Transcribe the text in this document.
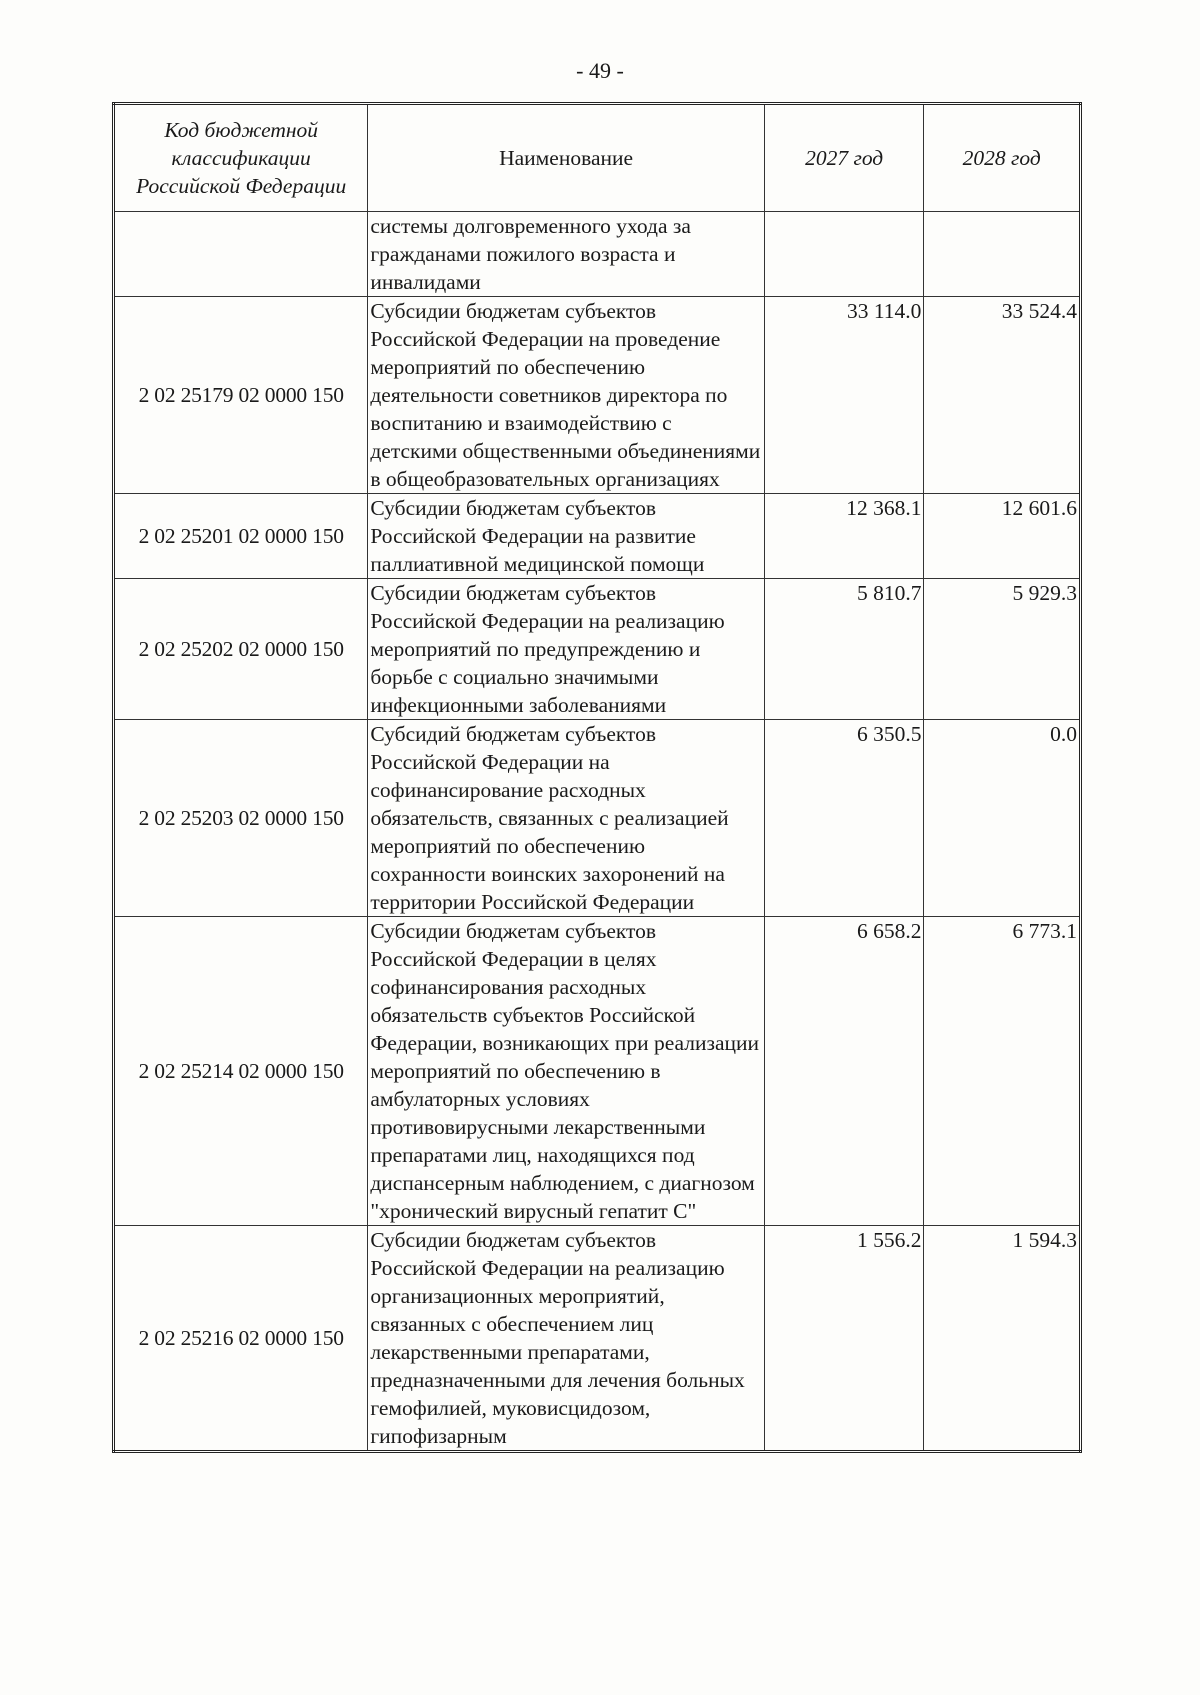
- 49 -
Код бюджетной классификации Российской Федерации	Наименование	2027 год	2028 год
	системы долговременного ухода за гражданами пожилого возраста и инвалидами		
2 02 25179 02 0000 150	Субсидии бюджетам субъектов Российской Федерации на проведение мероприятий по обеспечению деятельности советников директора по воспитанию и взаимодействию с детскими общественными объединениями в общеобразовательных организациях	33 114.0	33 524.4
2 02 25201 02 0000 150	Субсидии бюджетам субъектов Российской Федерации на развитие паллиативной медицинской помощи	12 368.1	12 601.6
2 02 25202 02 0000 150	Субсидии бюджетам субъектов Российской Федерации на реализацию мероприятий по предупреждению и борьбе с социально значимыми инфекционными заболеваниями	5 810.7	5 929.3
2 02 25203 02 0000 150	Субсидий бюджетам субъектов Российской Федерации на софинансирование расходных обязательств, связанных с реализацией мероприятий по обеспечению сохранности воинских захоронений на территории Российской Федерации	6 350.5	0.0
2 02 25214 02 0000 150	Субсидии бюджетам субъектов Российской Федерации в целях софинансирования расходных обязательств субъектов Российской Федерации, возникающих при реализации мероприятий по обеспечению в амбулаторных условиях противовирусными лекарственными препаратами лиц, находящихся под диспансерным наблюдением, с диагнозом "хронический вирусный гепатит С"	6 658.2	6 773.1
2 02 25216 02 0000 150	Субсидии бюджетам субъектов Российской Федерации на реализацию организационных мероприятий, связанных с обеспечением лиц лекарственными препаратами, предназначенными для лечения больных гемофилией, муковисцидозом, гипофизарным	1 556.2	1 594.3
